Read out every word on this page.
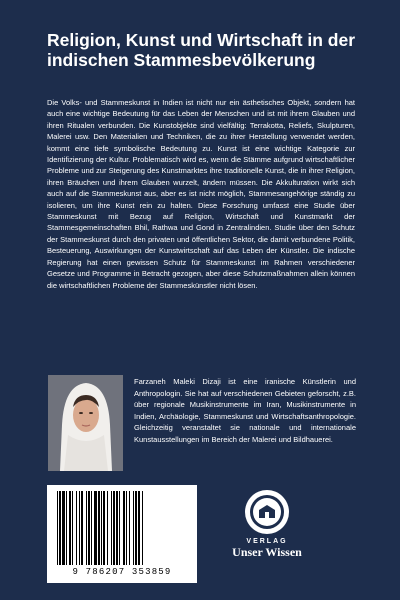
Religion, Kunst und Wirtschaft in der indischen Stammesbevölkerung

Die Volks- und Stammeskunst in Indien ist nicht nur ein ästhetisches Objekt, sondern hat auch eine wichtige Bedeutung für das Leben der Menschen und ist mit ihrem Glauben und ihren Ritualen verbunden. Die Kunstobjekte sind vielfältig: Terrakotta, Reliefs, Skulpturen, Malerei usw. Den Materialien und Techniken, die zu ihrer Herstellung verwendet werden, kommt eine tiefe symbolische Bedeutung zu. Kunst ist eine wichtige Kategorie zur Identifizierung der Kultur. Problematisch wird es, wenn die Stämme aufgrund wirtschaftlicher Probleme und zur Steigerung des Kunstmarktes ihre traditionelle Kunst, die in ihrer Religion, ihren Bräuchen und ihrem Glauben wurzelt, ändern müssen. Die Akkulturation wirkt sich auch auf die Stammeskunst aus, aber es ist nicht möglich, Stammesangehörige ständig zu isolieren, um ihre Kunst rein zu halten. Diese Forschung umfasst eine Studie über Stammeskunst mit Bezug auf Religion, Wirtschaft und Kunstmarkt der Stammesgemeinschaften Bhil, Rathwa und Gond in Zentralindien. Studie über den Schutz der Stammeskunst durch den privaten und öffentlichen Sektor, die damit verbundene Politik, Besteuerung, Auswirkungen der Kunstwirtschaft auf das Leben der Künstler. Die indische Regierung hat einen gewissen Schutz für Stammeskunst im Rahmen verschiedener Gesetze und Programme in Betracht gezogen, aber diese Schutzmaßnahmen allein können die wirtschaftlichen Probleme der Stammeskünstler nicht lösen.

Farzaneh Maleki Dizaji ist eine iranische Künstlerin und Anthropologin. Sie hat auf verschiedenen Gebieten geforscht, z.B. über regionale Musikinstrumente im Iran, Musikinstrumente in Indien, Archäologie, Stammeskunst und Wirtschaftsanthropologie. Gleichzeitig veranstaltet sie nationale und internationale Kunstausstellungen im Bereich der Malerei und Bildhauerei.

9 786207 353859
VERLAG
Unser Wissen
